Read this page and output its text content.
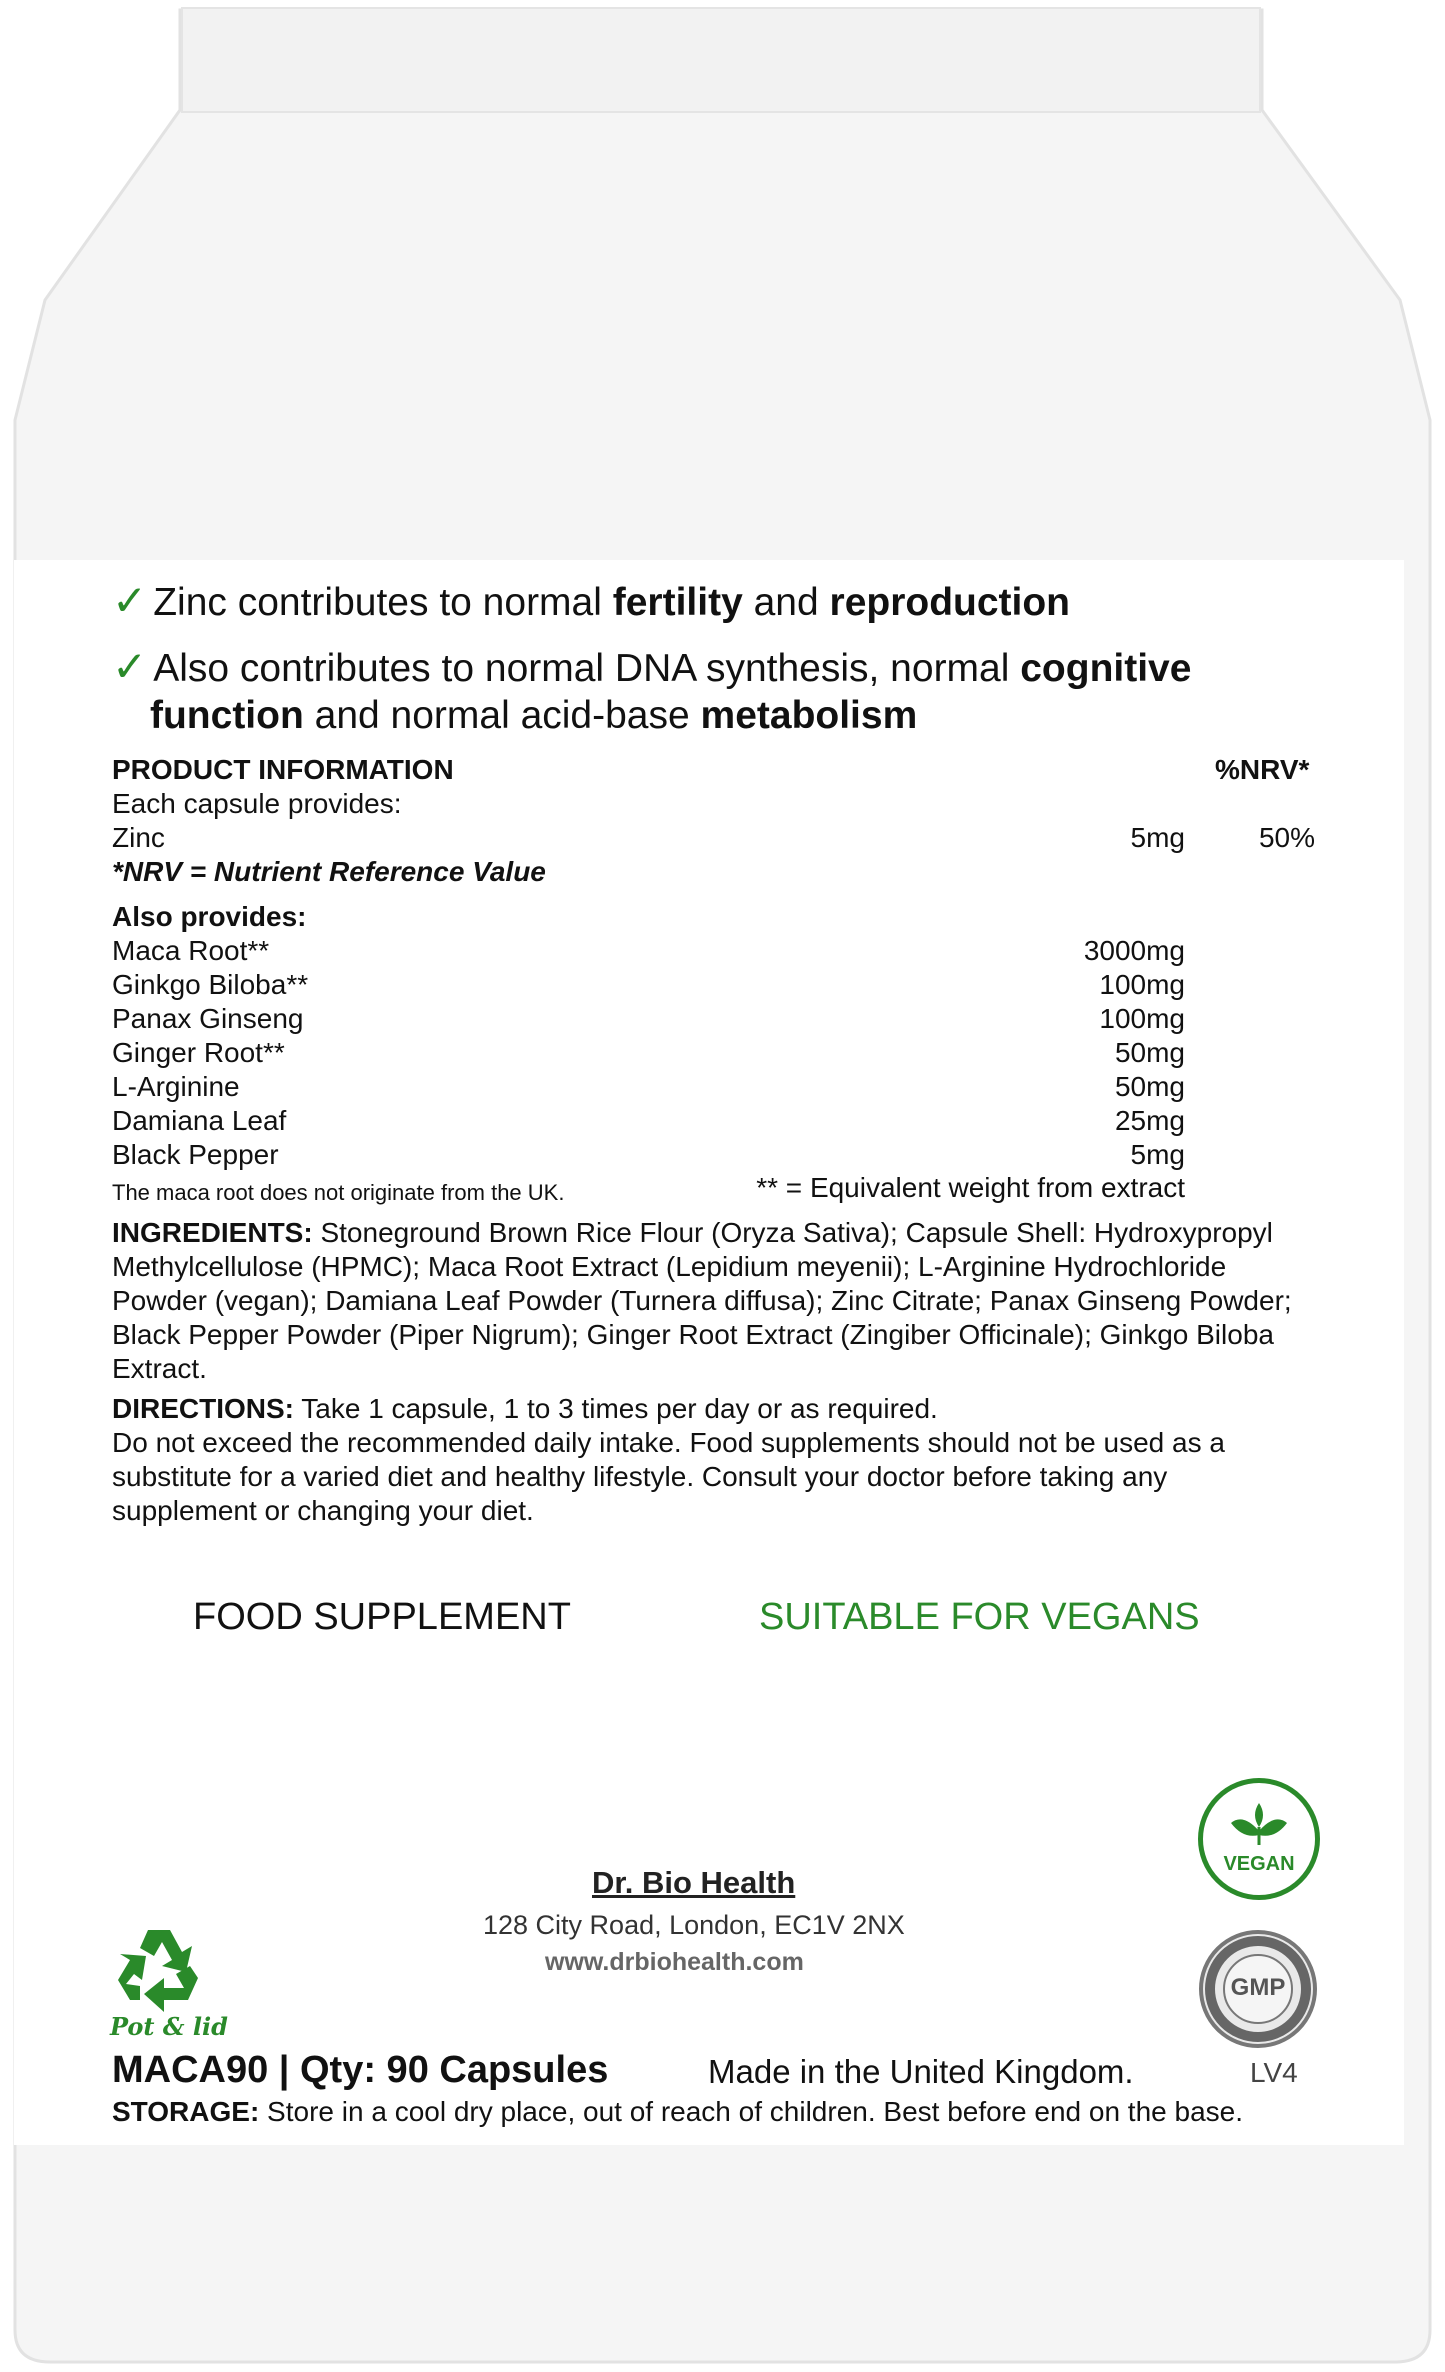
✓ Zinc contributes to normal fertility and reproduction
✓ Also contributes to normal DNA synthesis, normal cognitive
function and normal acid-base metabolism
PRODUCT INFORMATION	%NRV*
Each capsule provides:
Zinc	5mg	50%
*NRV = Nutrient Reference Value
Also provides:
Maca Root**	3000mg
Ginkgo Biloba**	100mg
Panax Ginseng	100mg
Ginger Root**	50mg
L-Arginine	50mg
Damiana Leaf	25mg
Black Pepper	5mg
The maca root does not originate from the UK.	** = Equivalent weight from extract
INGREDIENTS: Stoneground Brown Rice Flour (Oryza Sativa); Capsule Shell: Hydroxypropyl Methylcellulose (HPMC); Maca Root Extract (Lepidium meyenii); L-Arginine Hydrochloride Powder (vegan); Damiana Leaf Powder (Turnera diffusa); Zinc Citrate; Panax Ginseng Powder; Black Pepper Powder (Piper Nigrum); Ginger Root Extract (Zingiber Officinale); Ginkgo Biloba Extract.
DIRECTIONS: Take 1 capsule, 1 to 3 times per day or as required.
Do not exceed the recommended daily intake. Food supplements should not be used as a substitute for a varied diet and healthy lifestyle. Consult your doctor before taking any supplement or changing your diet.
FOOD SUPPLEMENT	SUITABLE FOR VEGANS
VEGAN
GMP
Dr. Bio Health
128 City Road, London, EC1V 2NX
www.drbiohealth.com
Pot & lid
MACA90 | Qty: 90 Capsules	Made in the United Kingdom.	LV4
STORAGE: Store in a cool dry place, out of reach of children. Best before end on the base.
